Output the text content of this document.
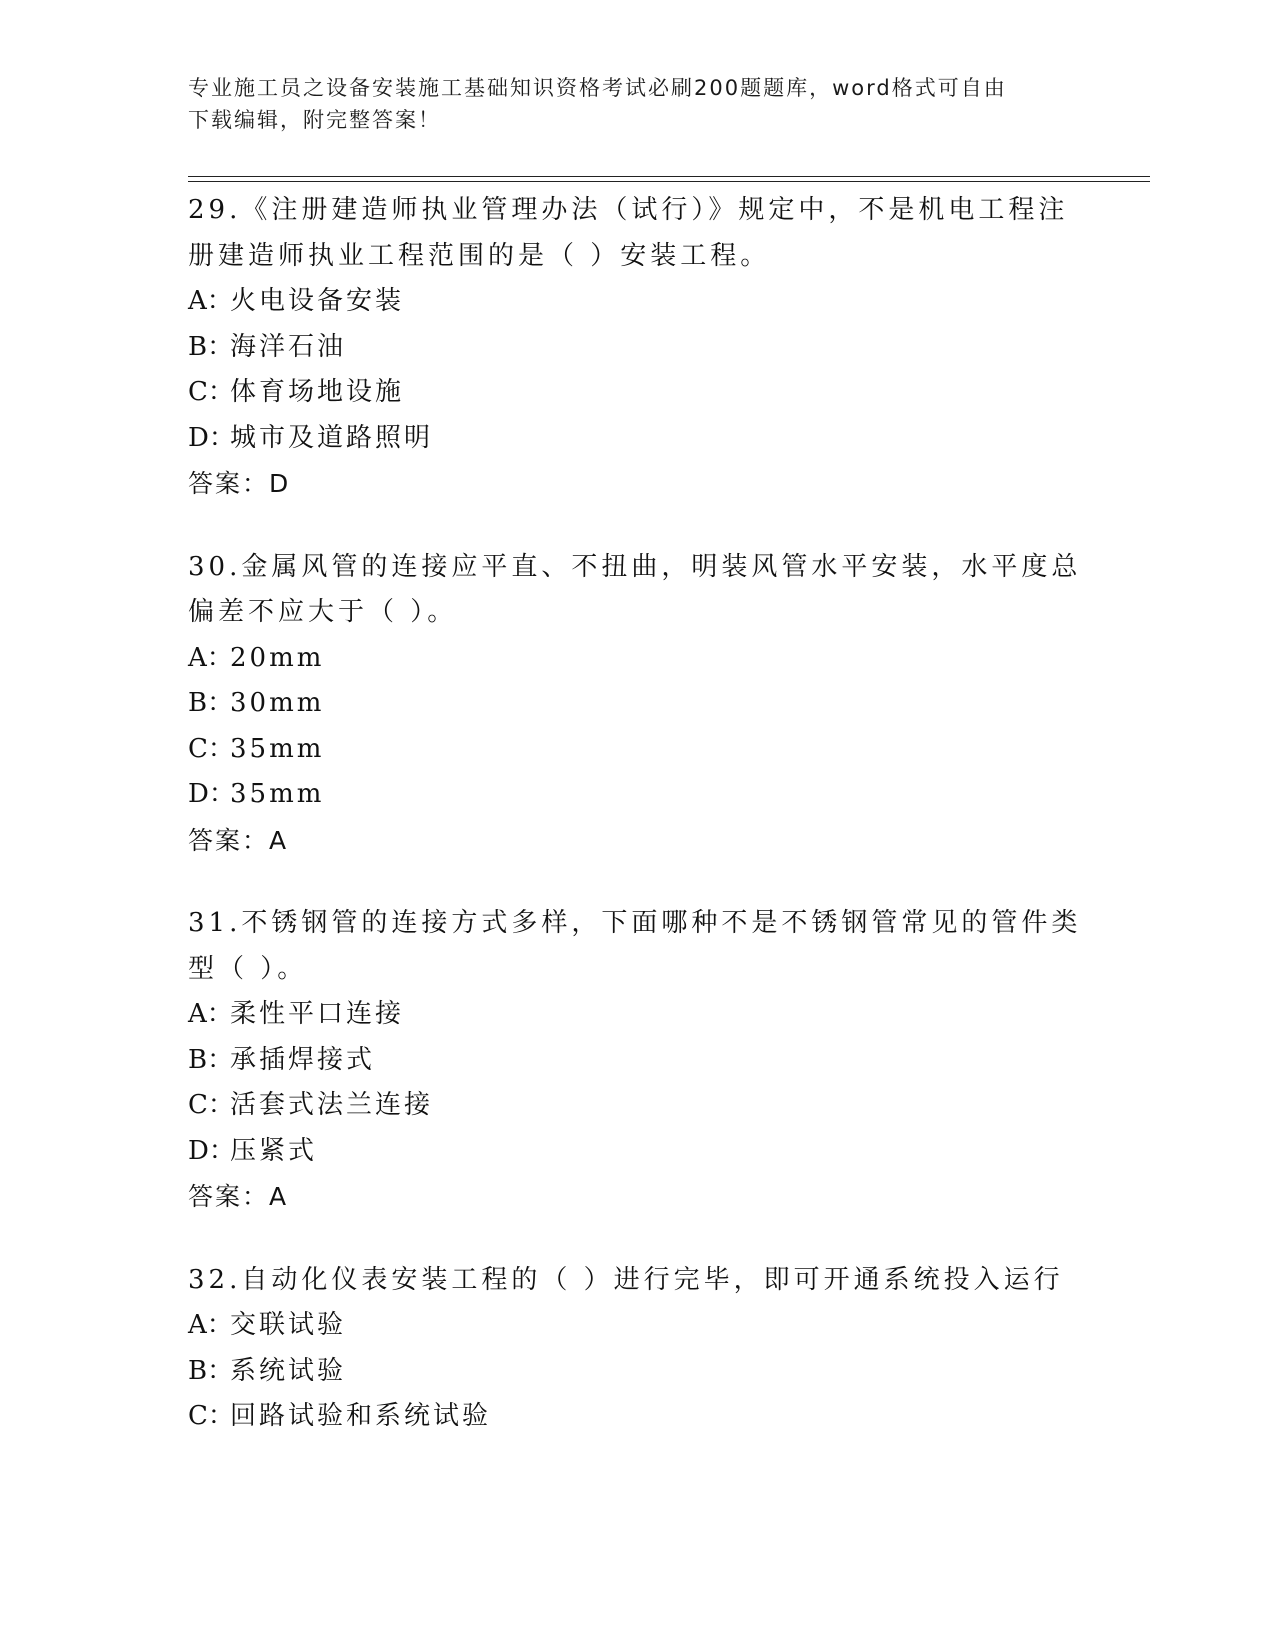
专业施工员之设备安装施工基础知识资格考试必刷200题题库，word格式可自由
下载编辑，附完整答案！
29.《注册建造师执业管理办法（试行）》规定中，不是机电工程注册建造师执业工程范围的是（ ）安装工程。
A：火电设备安装
B：海洋石油
C：体育场地设施
D：城市及道路照明
答案：D
30.金属风管的连接应平直、不扭曲，明装风管水平安装，水平度总偏差不应大于（ ）。
A：20mm
B：30mm
C：35mm
D：35mm
答案：A
31.不锈钢管的连接方式多样，下面哪种不是不锈钢管常见的管件类型（ ）。
A：柔性平口连接
B：承插焊接式
C：活套式法兰连接
D：压紧式
答案：A
32.自动化仪表安装工程的（ ）进行完毕，即可开通系统投入运行
A：交联试验
B：系统试验
C：回路试验和系统试验
